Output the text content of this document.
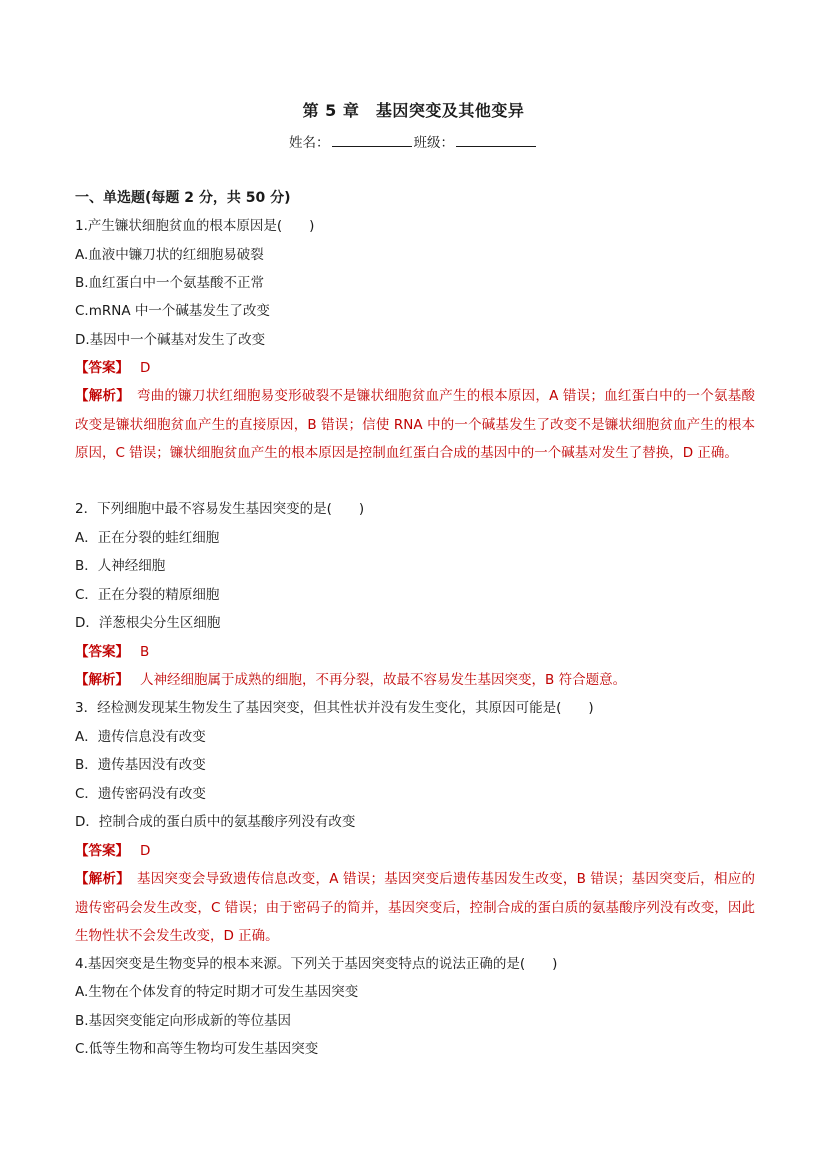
第 5 章　基因突变及其他变异
姓名：	班级：
一、单选题(每题 2 分，共 50 分)
1.产生镰状细胞贫血的根本原因是(　　)
A.血液中镰刀状的红细胞易破裂
B.血红蛋白中一个氨基酸不正常
C.mRNA 中一个碱基发生了改变
D.基因中一个碱基对发生了改变
【答案】　 D
【解析】　 弯曲的镰刀状红细胞易变形破裂不是镰状细胞贫血产生的根本原因，A 错误；血红蛋白中的一个氨基酸改变是镰状细胞贫血产生的直接原因，B 错误；信使 RNA 中的一个碱基发生了改变不是镰状细胞贫血产生的根本原因，C 错误；镰状细胞贫血产生的根本原因是控制血红蛋白合成的基因中的一个碱基对发生了替换，D 正确。
2．下列细胞中最不容易发生基因突变的是(　　)
A．正在分裂的蛙红细胞
B．人神经细胞
C．正在分裂的精原细胞
D．洋葱根尖分生区细胞
【答案】　 B
【解析】　 人神经细胞属于成熟的细胞，不再分裂，故最不容易发生基因突变，B 符合题意。
3．经检测发现某生物发生了基因突变，但其性状并没有发生变化，其原因可能是(　　)
A．遗传信息没有改变
B．遗传基因没有改变
C．遗传密码没有改变
D．控制合成的蛋白质中的氨基酸序列没有改变
【答案】　 D
【解析】　 基因突变会导致遗传信息改变，A 错误；基因突变后遗传基因发生改变，B 错误；基因突变后，相应的遗传密码会发生改变，C 错误；由于密码子的简并，基因突变后，控制合成的蛋白质的氨基酸序列没有改变，因此生物性状不会发生改变，D 正确。
4.基因突变是生物变异的根本来源。下列关于基因突变特点的说法正确的是(　　)
A.生物在个体发育的特定时期才可发生基因突变
B.基因突变能定向形成新的等位基因
C.低等生物和高等生物均可发生基因突变
